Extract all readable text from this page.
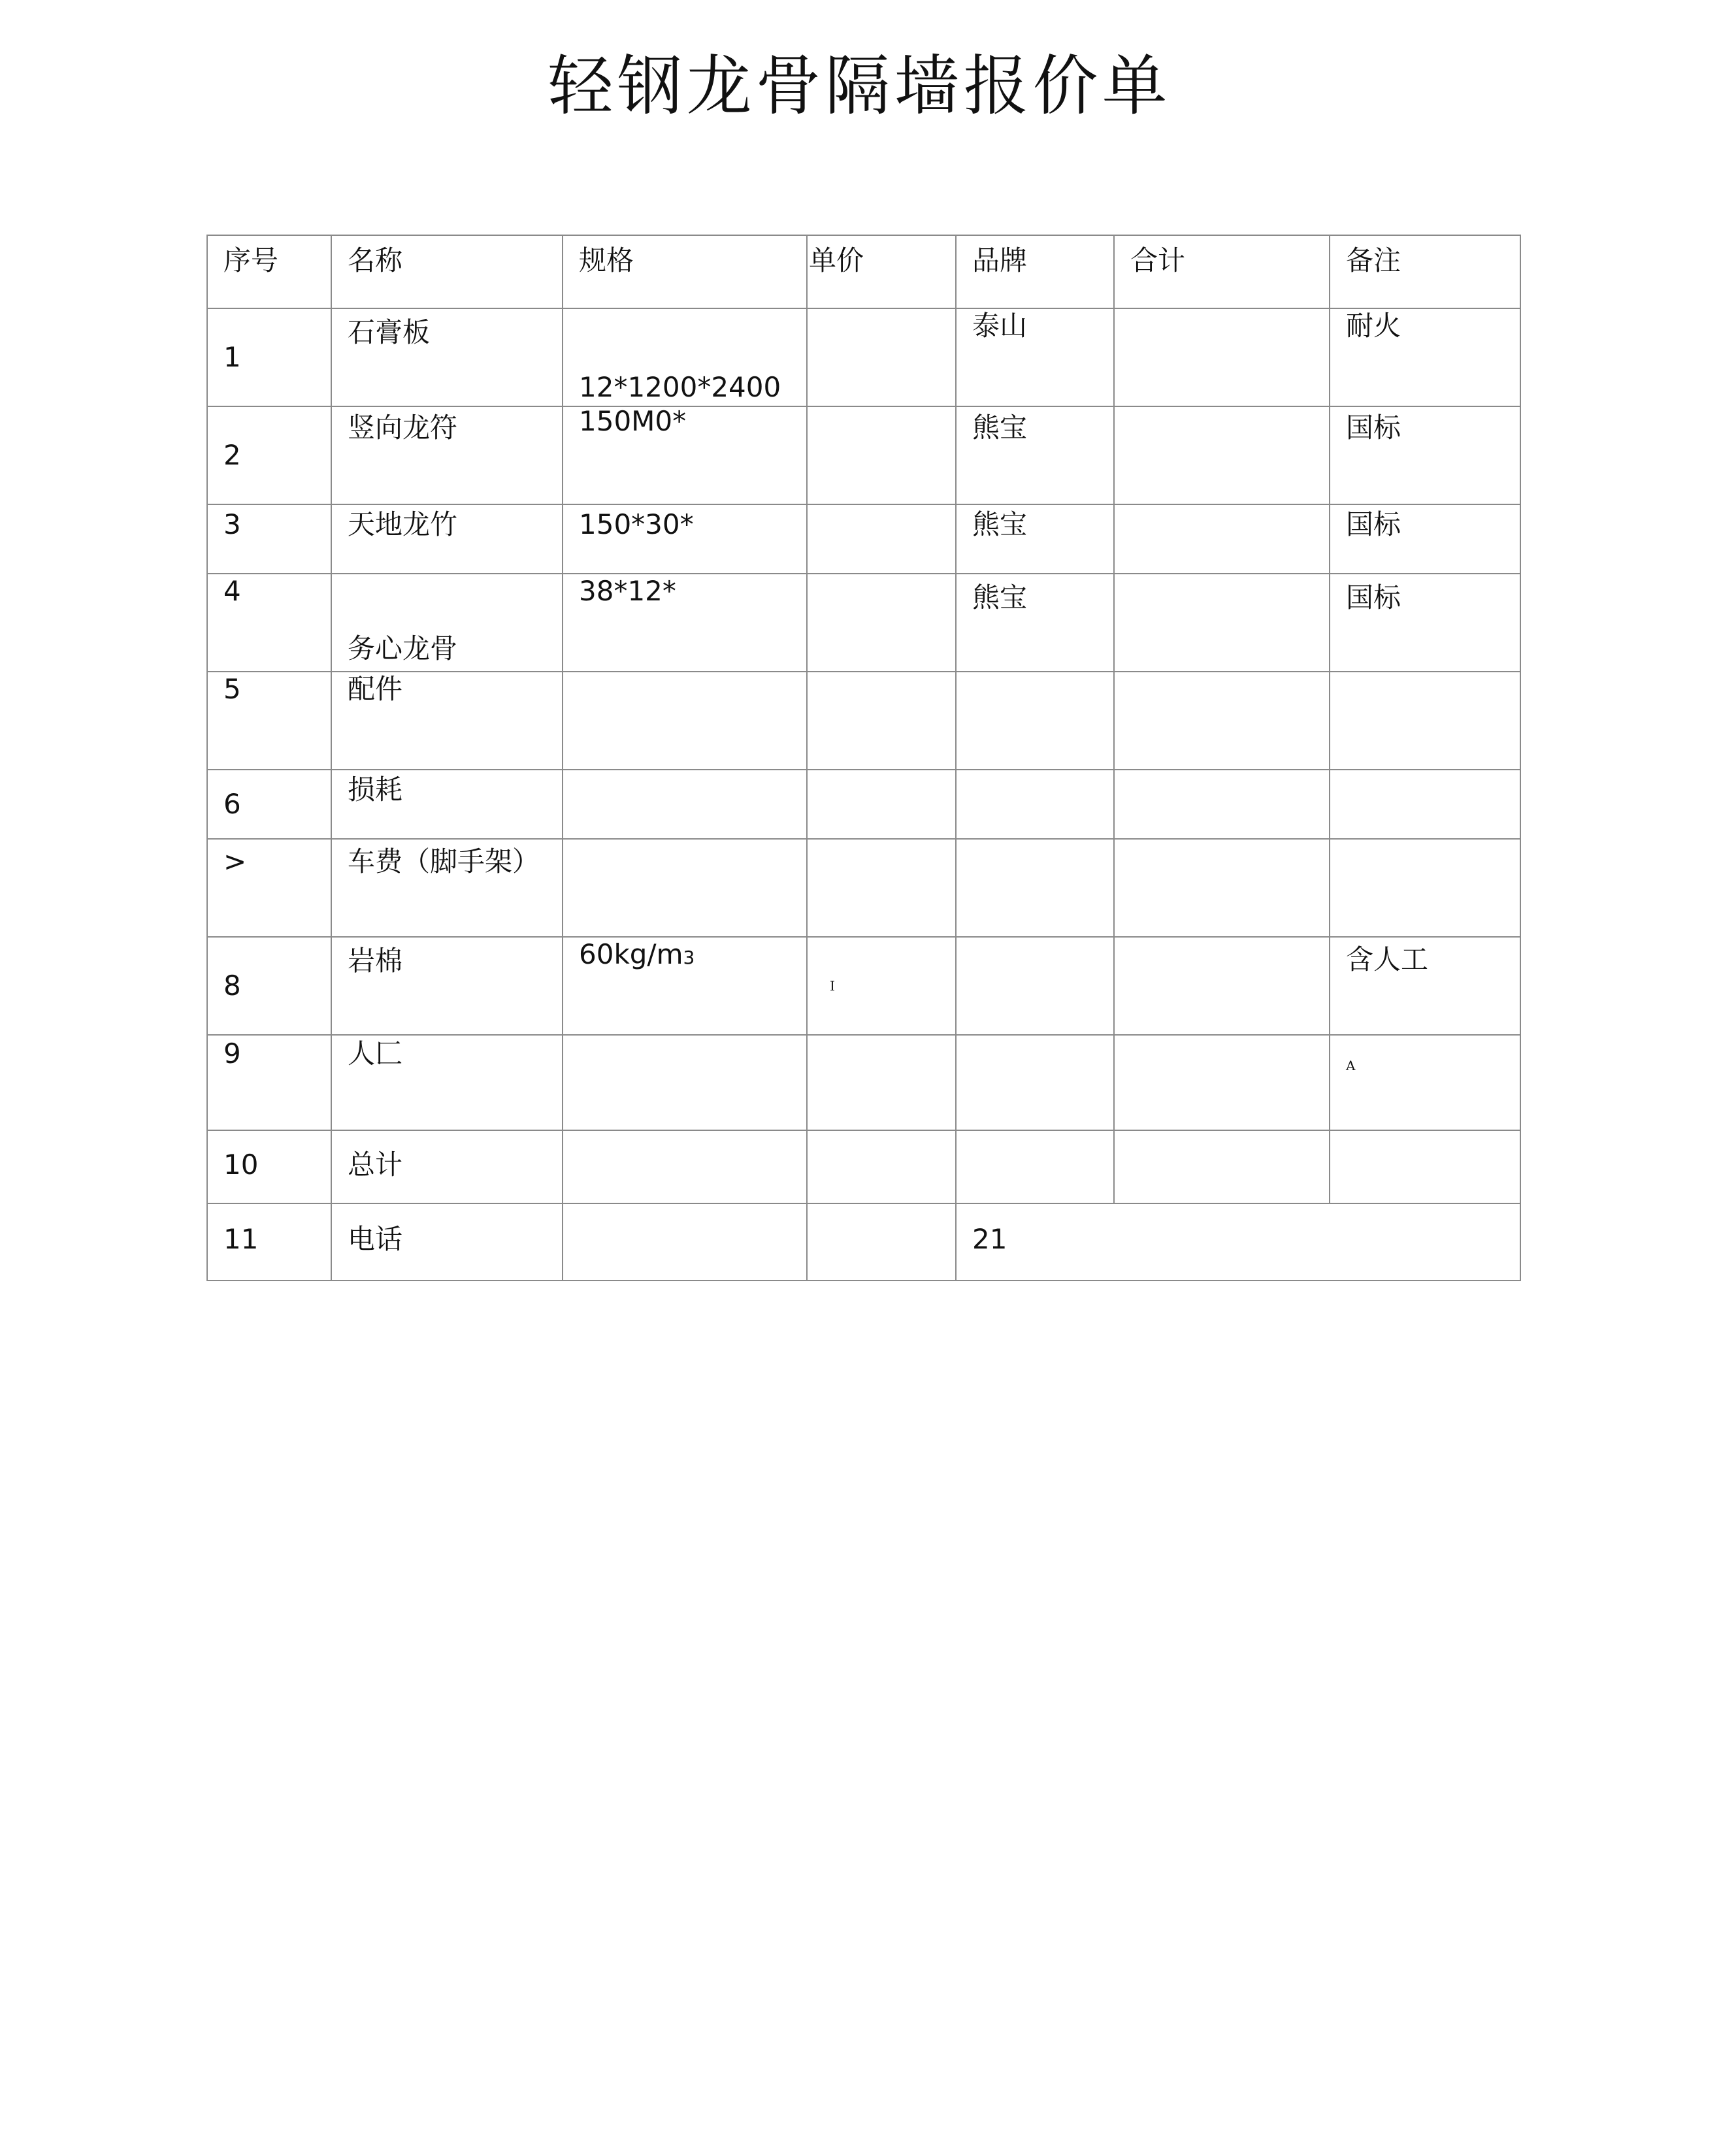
轻钢龙骨隔墙报价单
序号	名称	规格	单价	品牌	合计	备注

1	石膏板	12*1200*2400		泰山		耐火

2	竖向龙符	150M0*		熊宝		国标

3	天地龙竹	150*30*		熊宝		国标

4	务心龙骨	38*12*		熊宝		国标

5	配件					

6	损耗					

>	车费（脚手架）					

8	岩棉	60kg/m3	I			含人工

9	人匚					A

10	总计					

11	电话			21		
